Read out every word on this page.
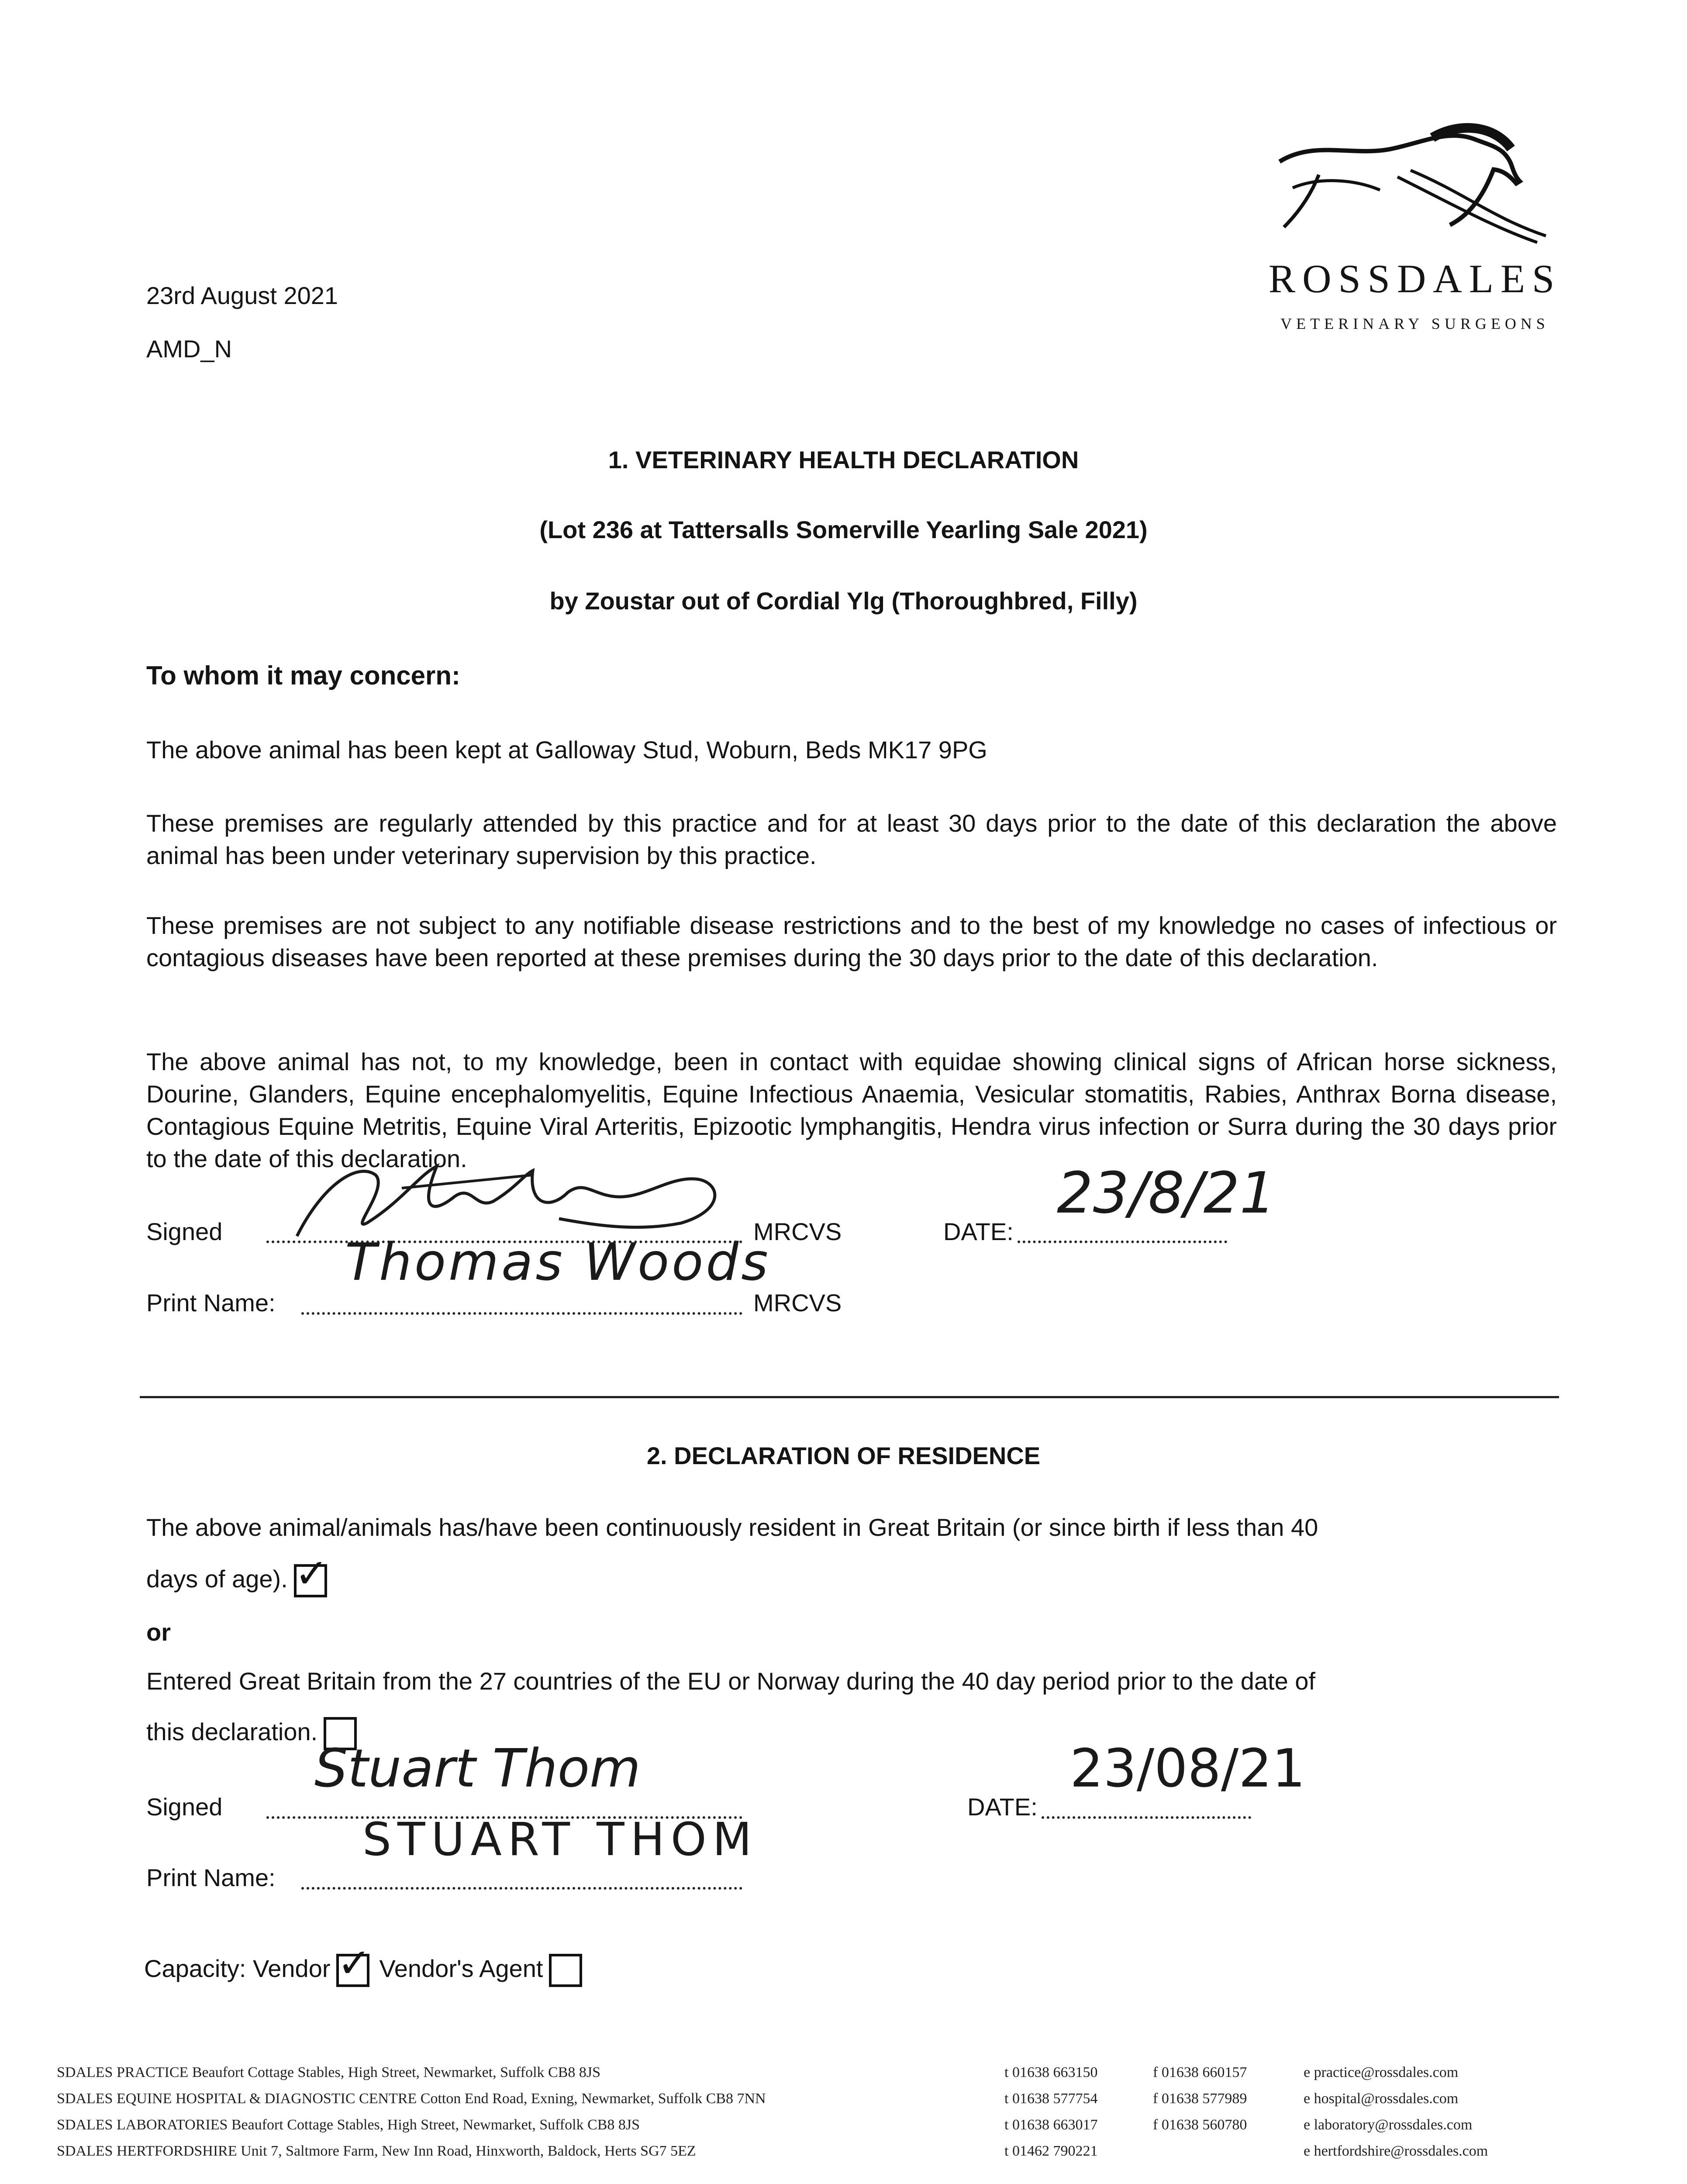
23rd August 2021
AMD_N
ROSSDALES
VETERINARY SURGEONS
1. VETERINARY HEALTH DECLARATION
(Lot 236 at Tattersalls Somerville Yearling Sale 2021)
by Zoustar out of Cordial Ylg (Thoroughbred, Filly)
To whom it may concern:
The above animal has been kept at Galloway Stud, Woburn, Beds MK17 9PG
These premises are regularly attended by this practice and for at least 30 days prior to the date of this declaration the above animal has been under veterinary supervision by this practice.
These premises are not subject to any notifiable disease restrictions and to the best of my knowledge no cases of infectious or contagious diseases have been reported at these premises during the 30 days prior to the date of this declaration.
The above animal has not, to my knowledge, been in contact with equidae showing clinical signs of African horse sickness, Dourine, Glanders, Equine encephalomyelitis, Equine Infectious Anaemia, Vesicular stomatitis, Rabies, Anthrax Borna disease, Contagious Equine Metritis, Equine Viral Arteritis, Epizootic lymphangitis, Hendra virus infection or Surra during the 30 days prior to the date of this declaration.
Signed	MRCVS	DATE:
23/8/21
Print Name:
Thomas Woods
MRCVS
2. DECLARATION OF RESIDENCE
The above animal/animals has/have been continuously resident in Great Britain (or since birth if less than 40
days of age). ✓
or
Entered Great Britain from the 27 countries of the EU or Norway during the 40 day period prior to the date of
this declaration.
Signed
Stuart Thom
DATE:
23/08/21
Print Name:
STUART THOM
Capacity: Vendor ✓ Vendor's Agent
SDALES PRACTICE Beaufort Cottage Stables, High Street, Newmarket, Suffolk CB8 8JS
SDALES EQUINE HOSPITAL & DIAGNOSTIC CENTRE Cotton End Road, Exning, Newmarket, Suffolk CB8 7NN
SDALES LABORATORIES Beaufort Cottage Stables, High Street, Newmarket, Suffolk CB8 8JS
SDALES HERTFORDSHIRE Unit 7, Saltmore Farm, New Inn Road, Hinxworth, Baldock, Herts SG7 5EZ
t 01638 663150
t 01638 577754
t 01638 663017
t 01462 790221
f 01638 660157
f 01638 577989
f 01638 560780
e practice@rossdales.com
e hospital@rossdales.com
e laboratory@rossdales.com
e hertfordshire@rossdales.com
